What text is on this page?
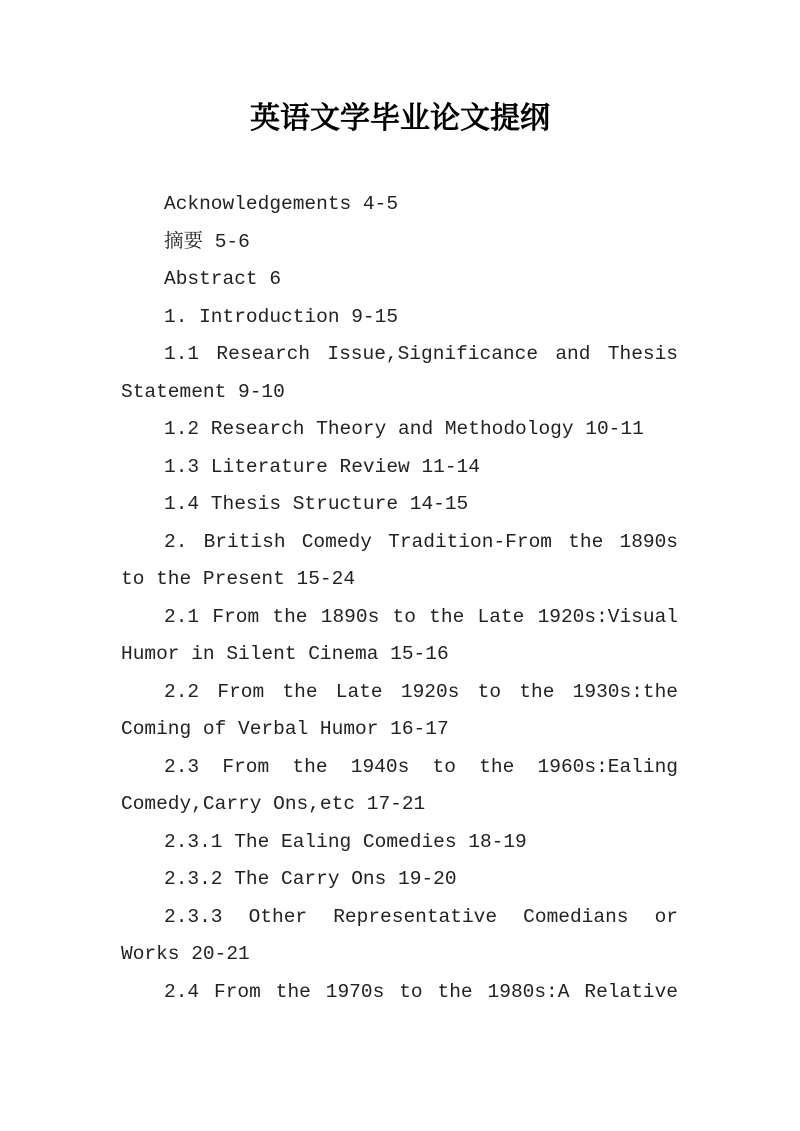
英语文学毕业论文提纲

Acknowledgements 4-5

摘要 5-6

Abstract 6

1. Introduction 9-15

1.1 Research Issue,Significance and Thesis Statement 9-10

1.2 Research Theory and Methodology 10-11

1.3 Literature Review 11-14

1.4 Thesis Structure 14-15

2. British Comedy Tradition-From the 1890s to the Present 15-24

2.1 From the 1890s to the Late 1920s:Visual Humor in Silent Cinema 15-16

2.2 From the Late 1920s to the 1930s:the Coming of Verbal Humor 16-17

2.3 From the 1940s to the 1960s:Ealing Comedy,Carry Ons,etc 17-21

2.3.1 The Ealing Comedies 18-19

2.3.2 The Carry Ons 19-20

2.3.3 Other Representative Comedians or Works 20-21

2.4 From the 1970s to the 1980s:A Relative
